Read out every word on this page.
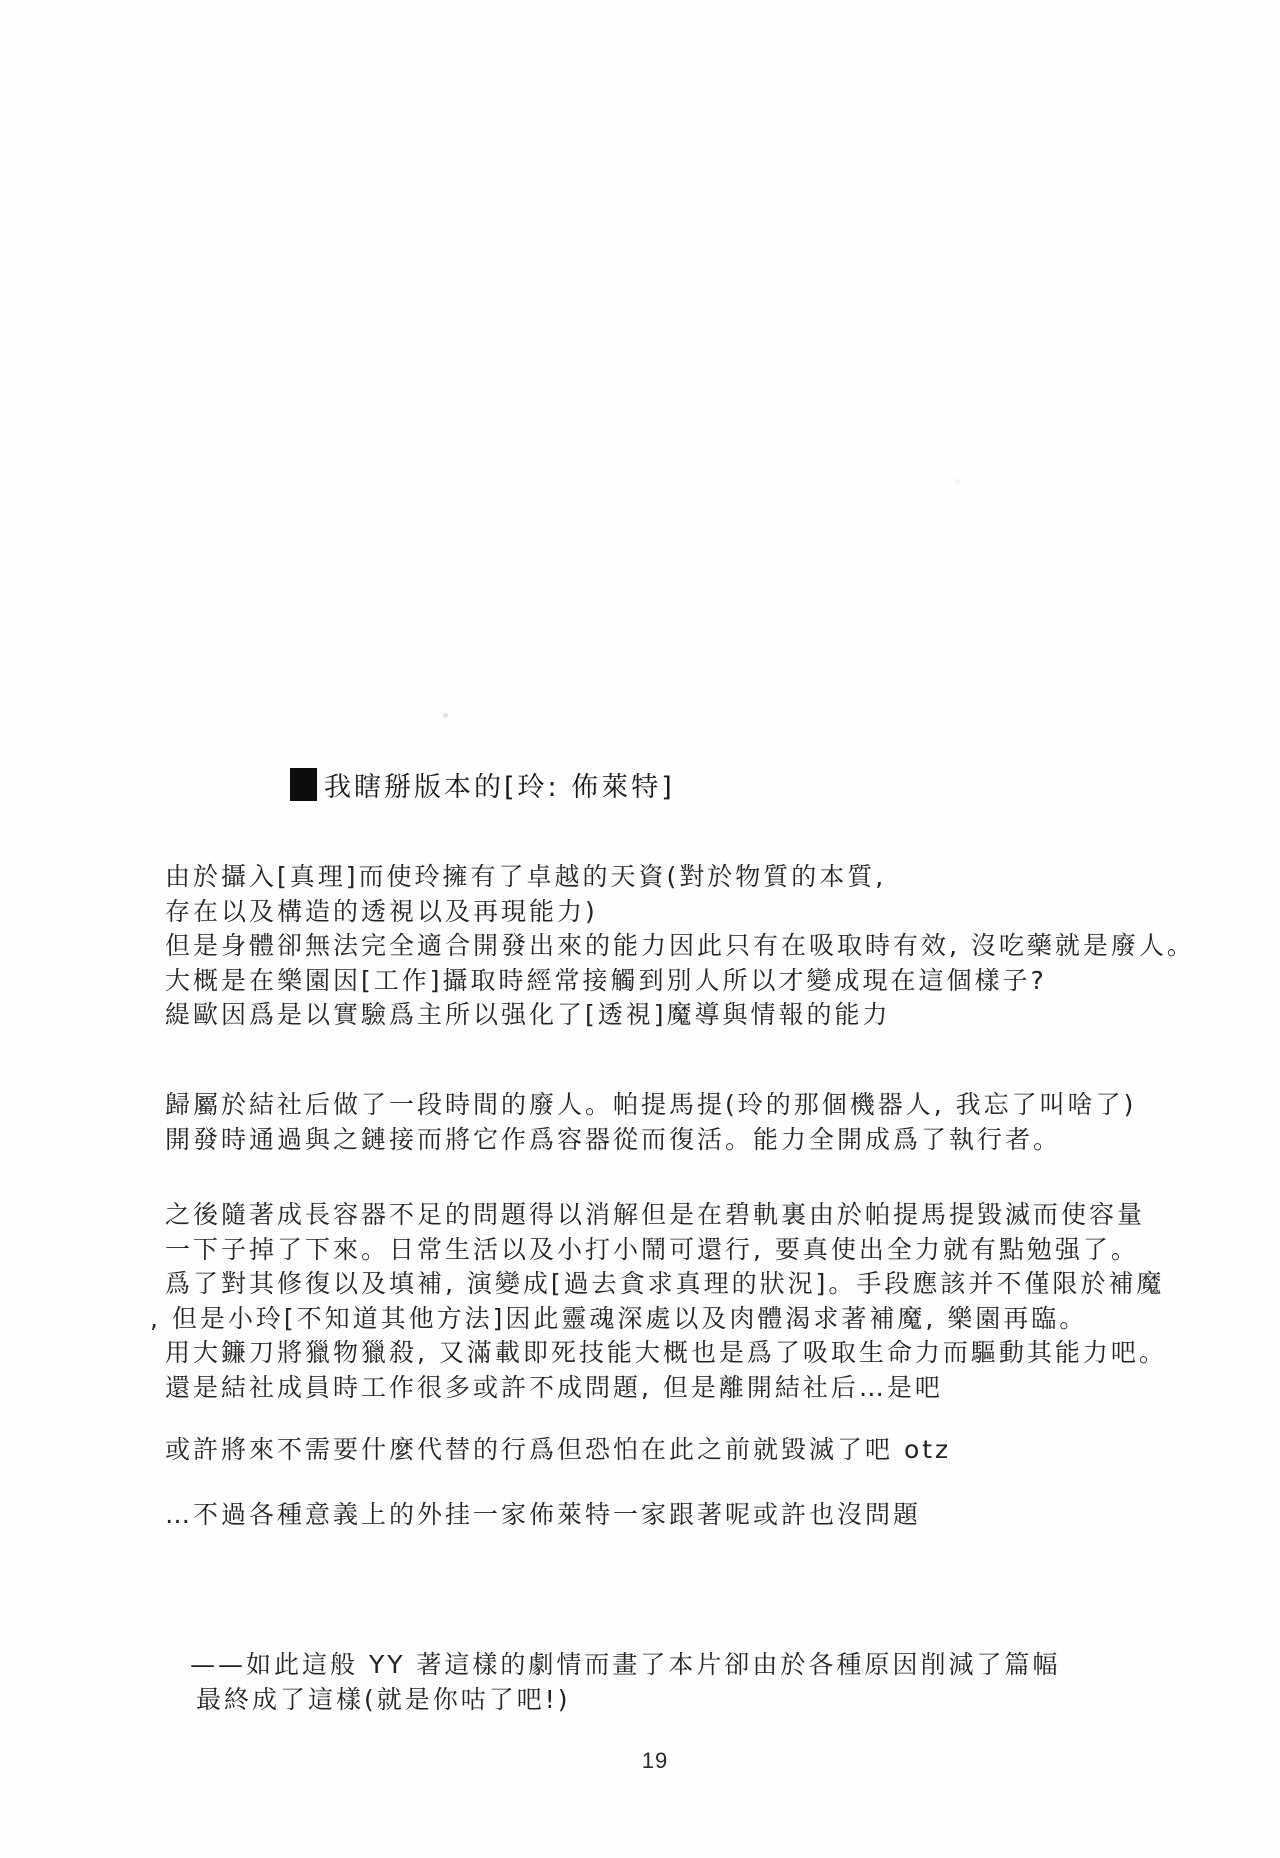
我瞎掰版本的[玲: 佈萊特]
由於攝入[真理]而使玲擁有了卓越的天資(對於物質的本質,
存在以及構造的透視以及再現能力)
但是身體卻無法完全適合開發出來的能力因此只有在吸取時有效, 沒吃藥就是廢人。
大概是在樂園因[工作]攝取時經常接觸到別人所以才變成現在這個樣子?
緹歐因爲是以實驗爲主所以强化了[透視]魔導與情報的能力
歸屬於結社后做了一段時間的廢人。帕提馬提(玲的那個機器人, 我忘了叫啥了)
開發時通過與之鏈接而將它作爲容器從而復活。能力全開成爲了執行者。
之後隨著成長容器不足的問題得以消解但是在碧軌裏由於帕提馬提毀滅而使容量
一下子掉了下來。日常生活以及小打小鬧可還行, 要真使出全力就有點勉强了。
爲了對其修復以及填補, 演變成[過去貪求真理的狀況]。手段應該并不僅限於補魔
, 但是小玲[不知道其他方法]因此靈魂深處以及肉體渴求著補魔, 樂園再臨。
用大鐮刀將獵物獵殺, 又滿載即死技能大概也是爲了吸取生命力而驅動其能力吧。
還是結社成員時工作很多或許不成問題, 但是離開結社后…是吧
或許將來不需要什麼代替的行爲但恐怕在此之前就毀滅了吧 otz
…不過各種意義上的外挂一家佈萊特一家跟著呢或許也沒問題
——如此這般 YY 著這樣的劇情而畫了本片卻由於各種原因削減了篇幅
最終成了這樣(就是你咕了吧!)
19
